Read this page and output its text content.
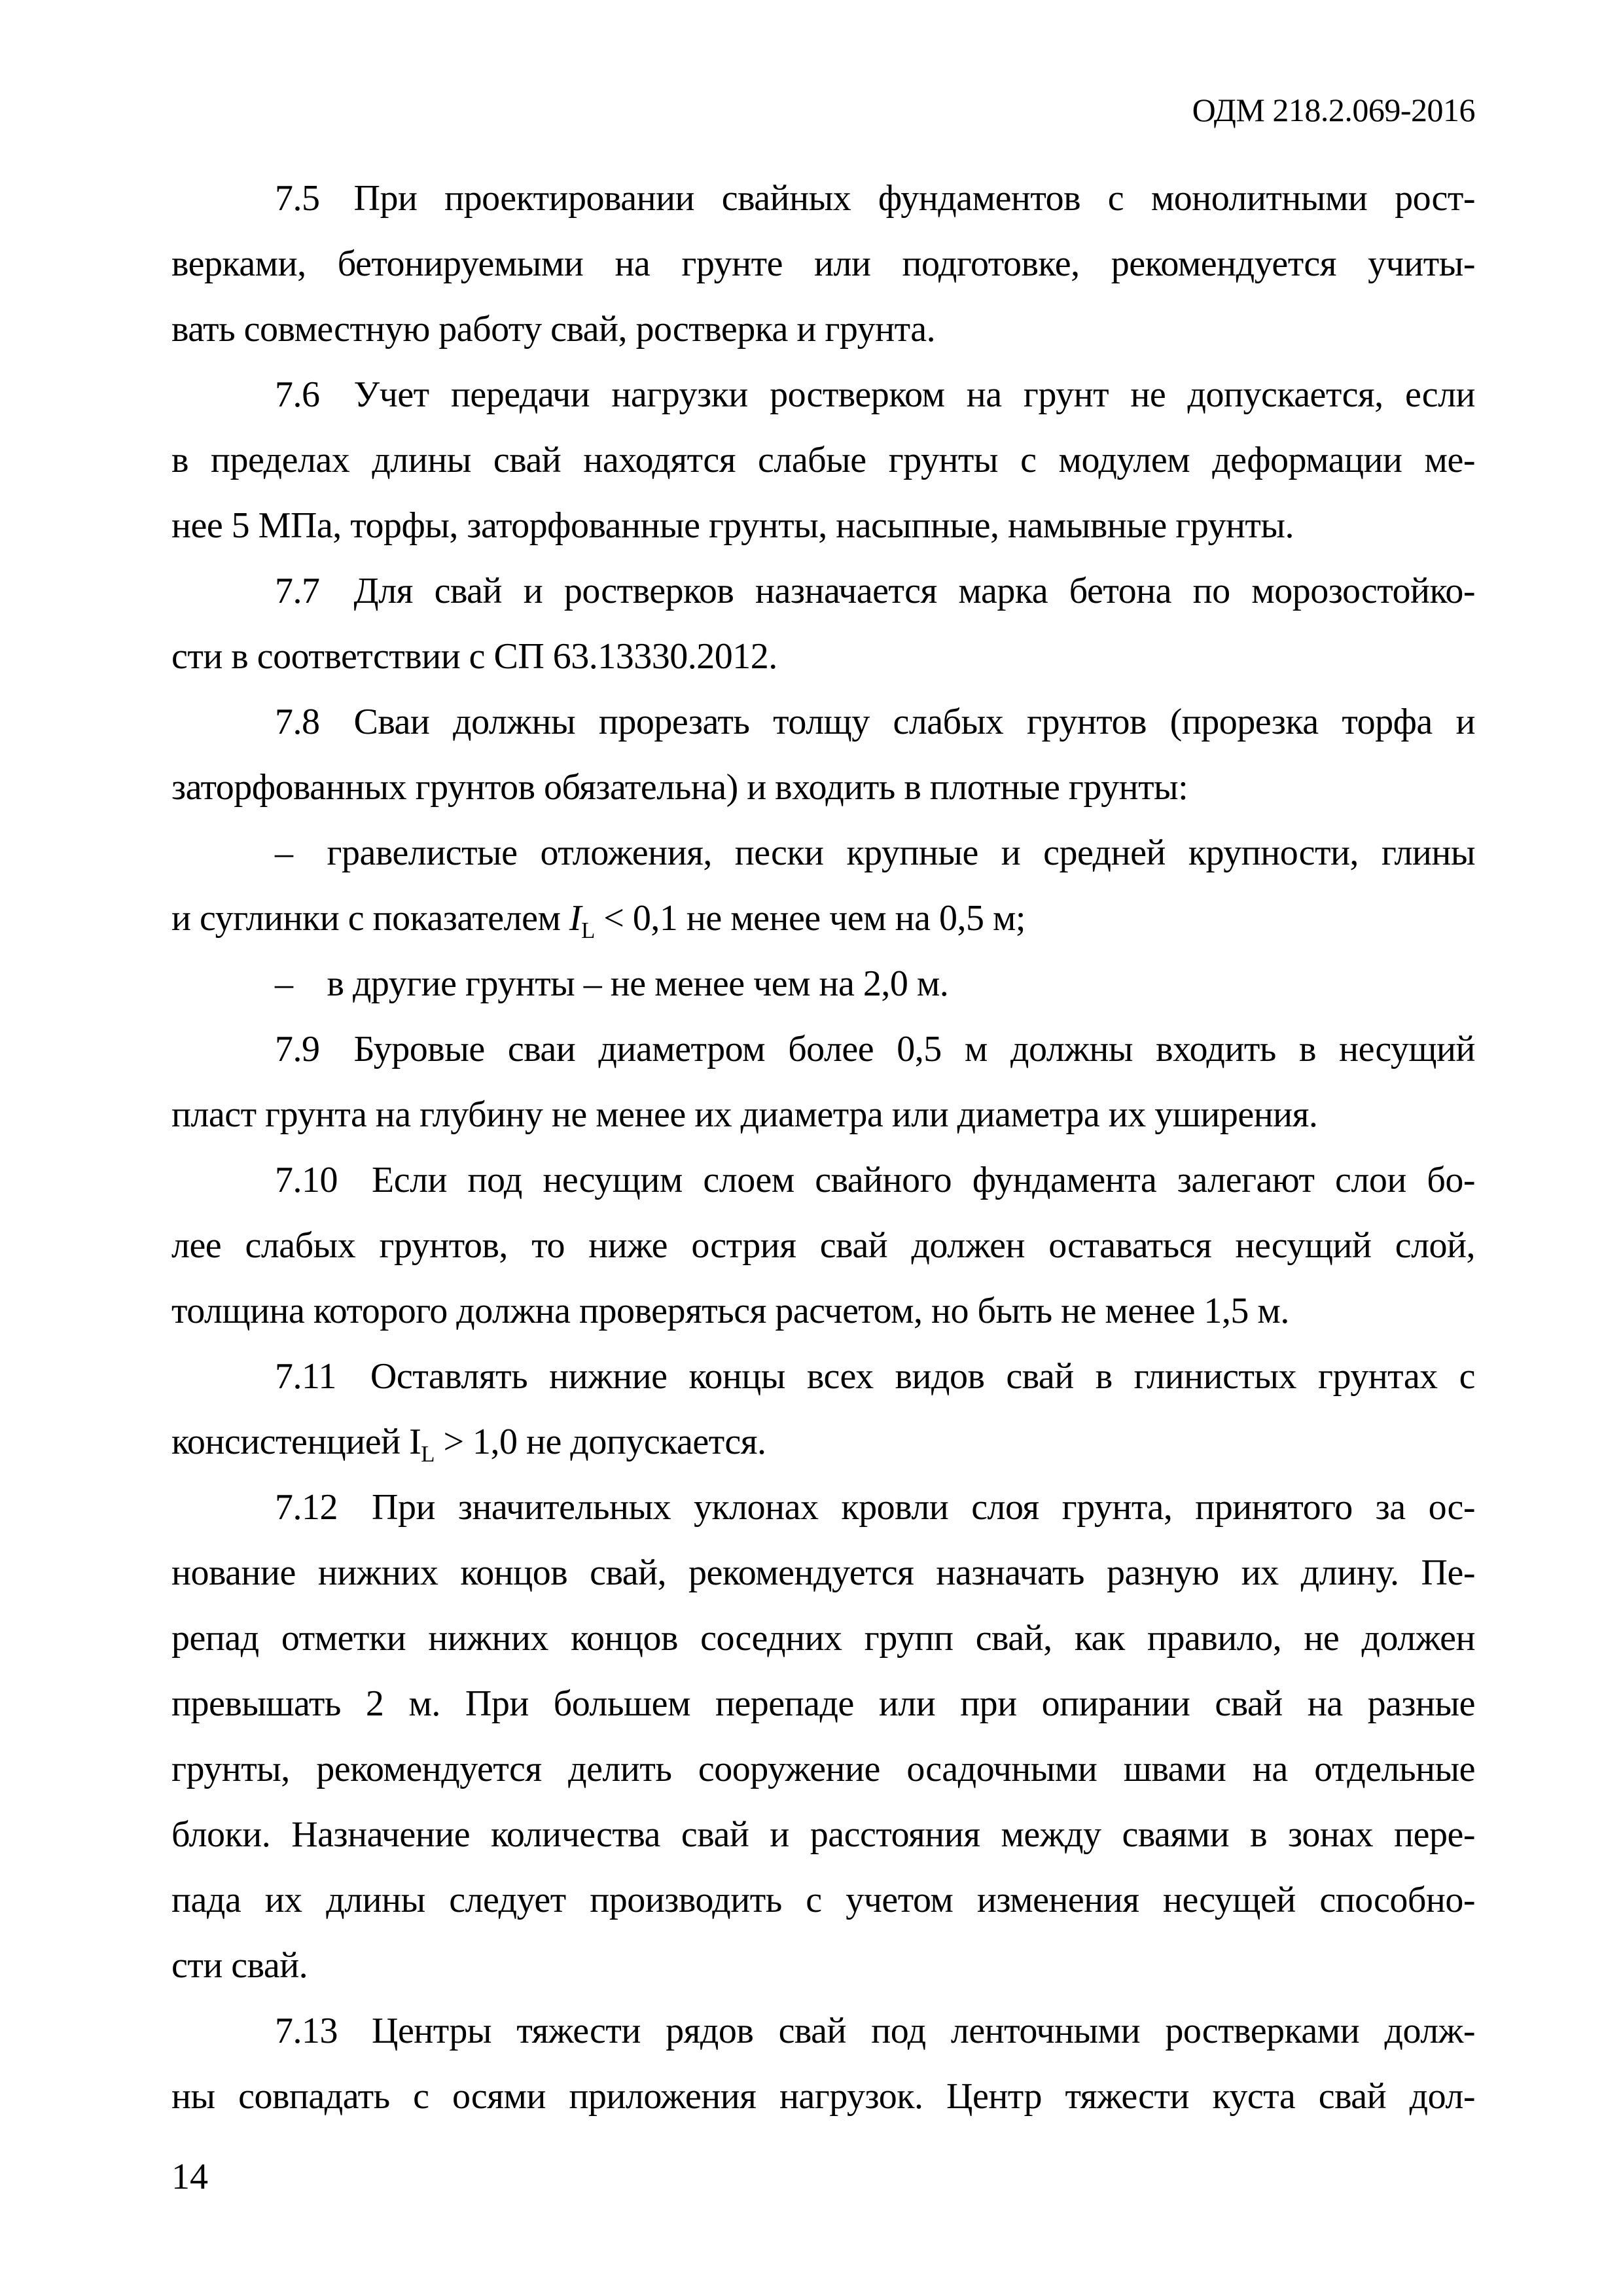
ОДМ 218.2.069-2016
7.5 При проектировании свайных фундаментов с монолитными рост-
верками, бетонируемыми на грунте или подготовке, рекомендуется учиты-
вать совместную работу свай, ростверка и грунта.
7.6 Учет передачи нагрузки ростверком на грунт не допускается, если
в пределах длины свай находятся слабые грунты с модулем деформации ме-
нее 5 МПа, торфы, заторфованные грунты, насыпные, намывные грунты.
7.7 Для свай и ростверков назначается марка бетона по морозостойко-
сти в соответствии с СП 63.13330.2012.
7.8 Сваи должны прорезать толщу слабых грунтов (прорезка торфа и
заторфованных грунтов обязательна) и входить в плотные грунты:
– гравелистые отложения, пески крупные и средней крупности, глины
и суглинки с показателем $I_L < 0,1$ не менее чем на 0,5 м;
– в другие грунты – не менее чем на 2,0 м.
7.9 Буровые сваи диаметром более 0,5 м должны входить в несущий
пласт грунта на глубину не менее их диаметра или диаметра их уширения.
7.10 Если под несущим слоем свайного фундамента залегают слои бо-
лее слабых грунтов, то ниже острия свай должен оставаться несущий слой,
толщина которого должна проверяться расчетом, но быть не менее 1,5 м.
7.11 Оставлять нижние концы всех видов свай в глинистых грунтах с
консистенцией $I_L > 1,0$ не допускается.
7.12 При значительных уклонах кровли слоя грунта, принятого за ос-
нование нижних концов свай, рекомендуется назначать разную их длину. Пе-
репад отметки нижних концов соседних групп свай, как правило, не должен
превышать 2 м. При большем перепаде или при опирании свай на разные
грунты, рекомендуется делить сооружение осадочными швами на отдельные
блоки. Назначение количества свай и расстояния между сваями в зонах пере-
пада их длины следует производить с учетом изменения несущей способно-
сти свай.
7.13 Центры тяжести рядов свай под ленточными ростверками долж-
ны совпадать с осями приложения нагрузок. Центр тяжести куста свай дол-
14
